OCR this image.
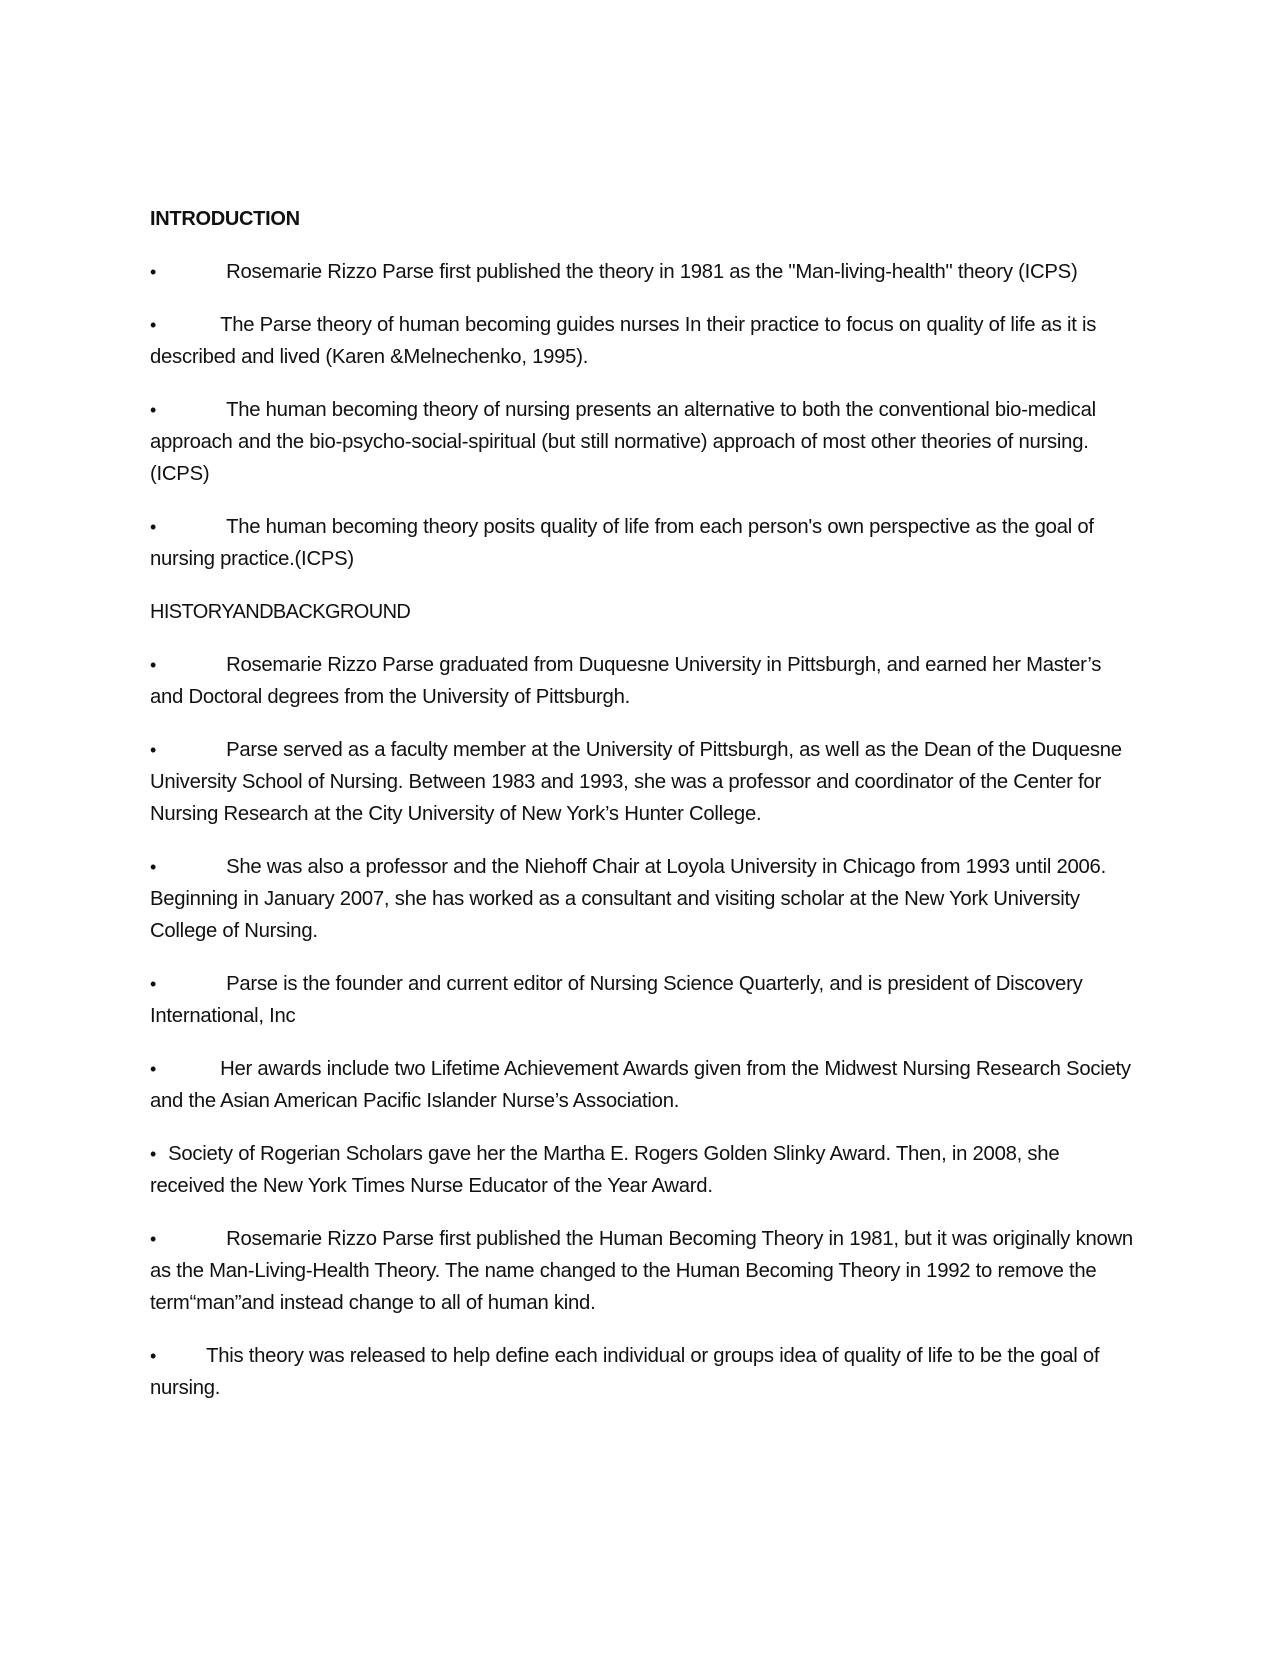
INTRODUCTION

•	Rosemarie Rizzo Parse first published the theory in 1981 as the "Man-living-health" theory (ICPS)

•	The Parse theory of human becoming guides nurses In their practice to focus on quality of life as it is described and lived (Karen &Melnechenko, 1995).

•	The human becoming theory of nursing presents an alternative to both the conventional bio-medical approach and the bio-psycho-social-spiritual (but still normative) approach of most other theories of nursing. (ICPS)

•	The human becoming theory posits quality of life from each person's own perspective as the goal of nursing practice.(ICPS)

HISTORYANDBACKGROUND

•	Rosemarie Rizzo Parse graduated from Duquesne University in Pittsburgh, and earned her Master’s and Doctoral degrees from the University of Pittsburgh.

•	Parse served as a faculty member at the University of Pittsburgh, as well as the Dean of the Duquesne University School of Nursing. Between 1983 and 1993, she was a professor and coordinator of the Center for Nursing Research at the City University of New York’s Hunter College.

•	She was also a professor and the Niehoff Chair at Loyola University in Chicago from 1993 until 2006. Beginning in January 2007, she has worked as a consultant and visiting scholar at the New York University College of Nursing.

•	Parse is the founder and current editor of Nursing Science Quarterly, and is president of Discovery International, Inc

•	Her awards include two Lifetime Achievement Awards given from the Midwest Nursing Research Society and the Asian American Pacific Islander Nurse’s Association.

• Society of Rogerian Scholars gave her the Martha E. Rogers Golden Slinky Award. Then, in 2008, she received the New York Times Nurse Educator of the Year Award.

•	Rosemarie Rizzo Parse first published the Human Becoming Theory in 1981, but it was originally known as the Man-Living-Health Theory. The name changed to the Human Becoming Theory in 1992 to remove the term“man”and instead change to all of human kind.

• This theory was released to help define each individual or groups idea of quality of life to be the goal of nursing.
